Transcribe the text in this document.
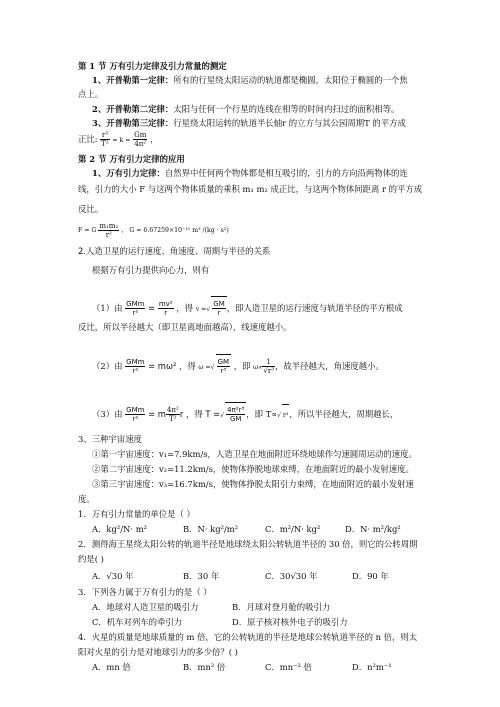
第 1 节 万有引力定律及引力常量的测定
1、开普勒第一定律：所有的行星绕太阳运动的轨道都是椭圆，太阳位于椭圆的一个焦
点上。
2、开普勒第二定律：太阳与任何一个行星的连线在相等的时间内扫过的面积相等。
3、开普勒第三定律：行星绕太阳运转的轨道半长轴r 的立方与其公园周期T 的平方成
正比: $\frac{\text{r³}}{\text{T²}} = k = \frac{Gm}{\text{4π²}}$ ，
第 2 节 万有引力定律的应用
1、万有引力定律：自然界中任何两个物体都是相互吸引的，引力的方向沿两物体的连
线，引力的大小 F 与这两个物体质量的乘积 m₁ m₂ 成正比，与这两个物体间距离 r 的平方成
反比。
F = G $\frac{\text{m₁m₂}}{\text{r²}}$ ， G = 6.67259×10⁻¹¹ m³ /(kg · s²)
2.人造卫星的运行速度、角速度、周期与半径的关系
根据万有引力提供向心力，则有
（1）由 $\frac{\text{GMm}}{\text{r²}} = \frac{\text{mv²}}{r}$ ，得 v =√ $\frac{GM}{r}$ ，即人造卫星的运行速度与轨道半径的平方根成
反比，所以半径越大（即卫星离地面越高），线速度越小。
（2）由 $\frac{\text{GMm}}{\text{r²}} = m\omega^2$ ，得 ω =√ $\frac{GM}{\text{r³}}$ ，即 $\omega\propto \frac{1}{\text{√r³}}$ ，故半径越大，角速度越小。
（3）由 $\frac{\text{GMm}}{\text{r²}} = m \frac{\text{4π²}}{\text{T²}}$ r ，得 T =√ $\frac{\text{4π²r³}}{GM}$ ，即 T∝√ r³，所以半径越大，周期越长，
3、三种宇宙速度
①第一宇宙速度：v₁=7.9km/s，人造卫星在地面附近环绕地球作匀速圆周运动的速度。
②第二宇宙速度：v₂=11.2km/s，使物体挣脱地球束缚，在地面附近的最小发射速度。
③第三宇宙速度：v₃=16.7km/s，使物体挣脱太阳引力束缚，在地面附近的最小发射速
度。
1．万有引力常量的单位是（ ）
A．kg²/N· m²	B．N· kg²/m²	C．m²/N· kg²	D．N· m²/kg²
2．测得海王星绕太阳公转的轨道半径是地球绕太阳公转轨道半径的 30 倍，则它的公转周期
约是( )
A．√30 年	B．30 年	C．30√30 年	D．90 年
3．下列各力属于万有引力的是（ ）
A．地球对人造卫星的吸引力	B．月球对登月舱的吸引力
C．机车对列车的牵引力	D．原子核对核外电子的吸引力
4．火星的质量是地球质量的 m 倍，它的公转轨道的半径是地球公转轨道半径的 n 倍，则太
阳对火星的引力是对地球引力的多少倍？( )
A．mn 倍	B．mn² 倍	C．mn⁻² 倍	D．n²m⁻¹
